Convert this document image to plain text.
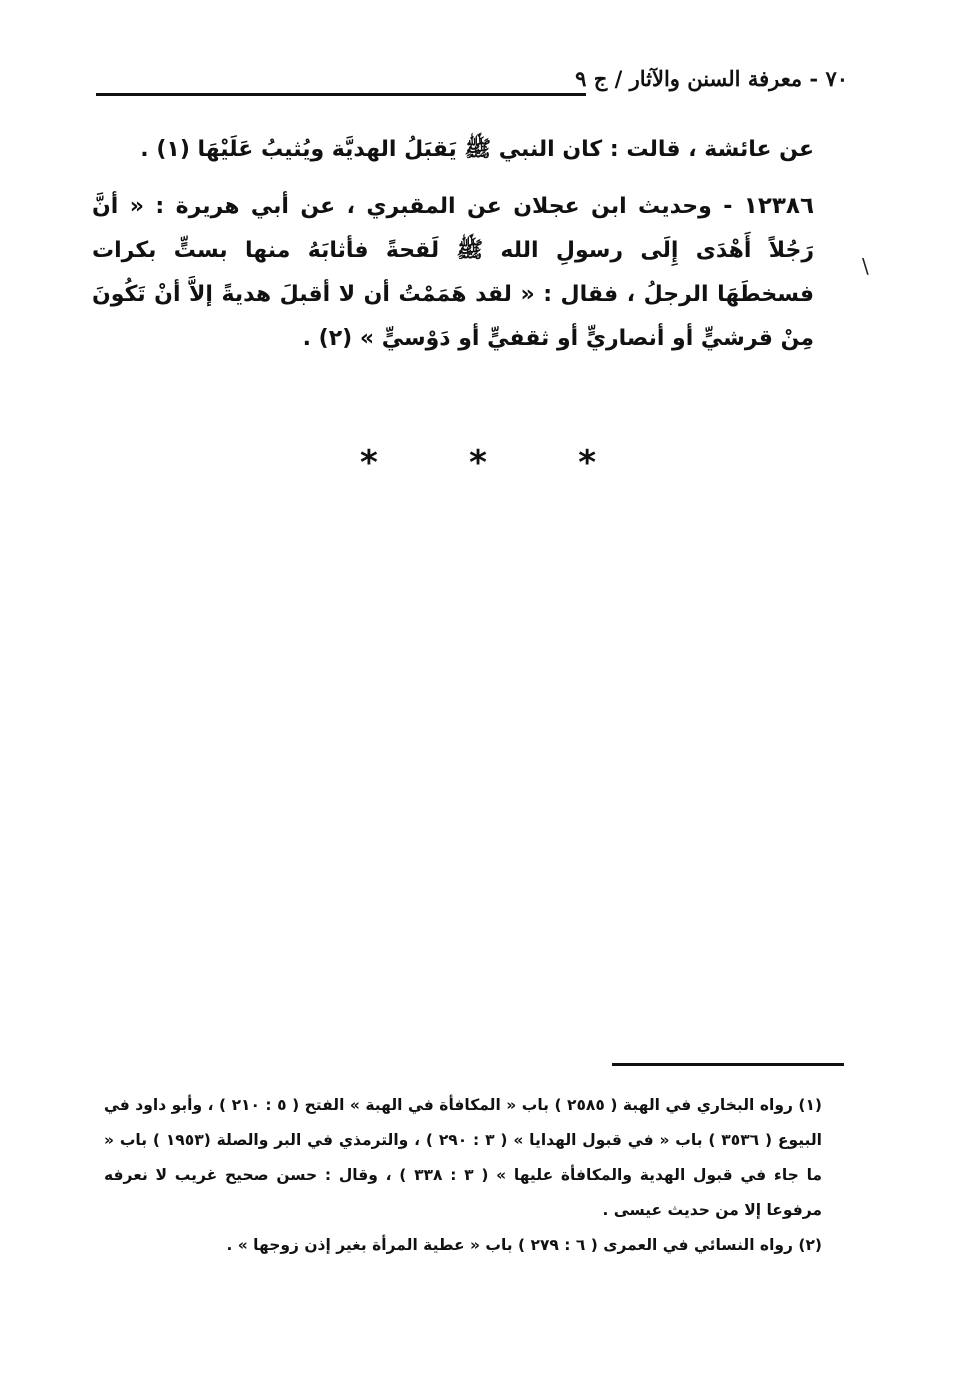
٧٠ - معرفة السنن والآثار / ج ٩

عن عائشة ، قالت : كان النبي ﷺ يَقبَلُ الهديَّة ويُثيبُ عَلَيْهَا (١) .

١٢٣٨٦ - وحديث ابن عجلان عن المقبري ، عن أبي هريرة : « أنَّ رَجُلاً أَهْدَى إِلَى رسولِ الله ﷺ لَقحةً فأثابَهُ منها بستٍّ بكرات فسخطَهَا الرجلُ ، فقال : « لقد هَمَمْتُ أن لا أقبلَ هديةً إلاَّ أنْ تَكُونَ مِنْ قرشيٍّ أو أنصاريٍّ أو ثقفيٍّ أو دَوْسيٍّ » (٢) .

\
*	*	*

(١) رواه البخاري في الهبة ( ٢٥٨٥ ) باب « المكافأة في الهبة » الفتح ( ٥ : ٢١٠ ) ، وأبو داود في البيوع ( ٣٥٣٦ ) باب « في قبول الهدايا » ( ٣ : ٢٩٠ ) ، والترمذي في البر والصلة (١٩٥٣ ) باب « ما جاء في قبول الهدية والمكافأة عليها » ( ٣ : ٣٣٨ ) ، وقال : حسن صحيح غريب لا نعرفه مرفوعا إلا من حديث عيسى .

(٢) رواه النسائي في العمرى ( ٦ : ٢٧٩ ) باب « عطية المرأة بغير إذن زوجها » .
